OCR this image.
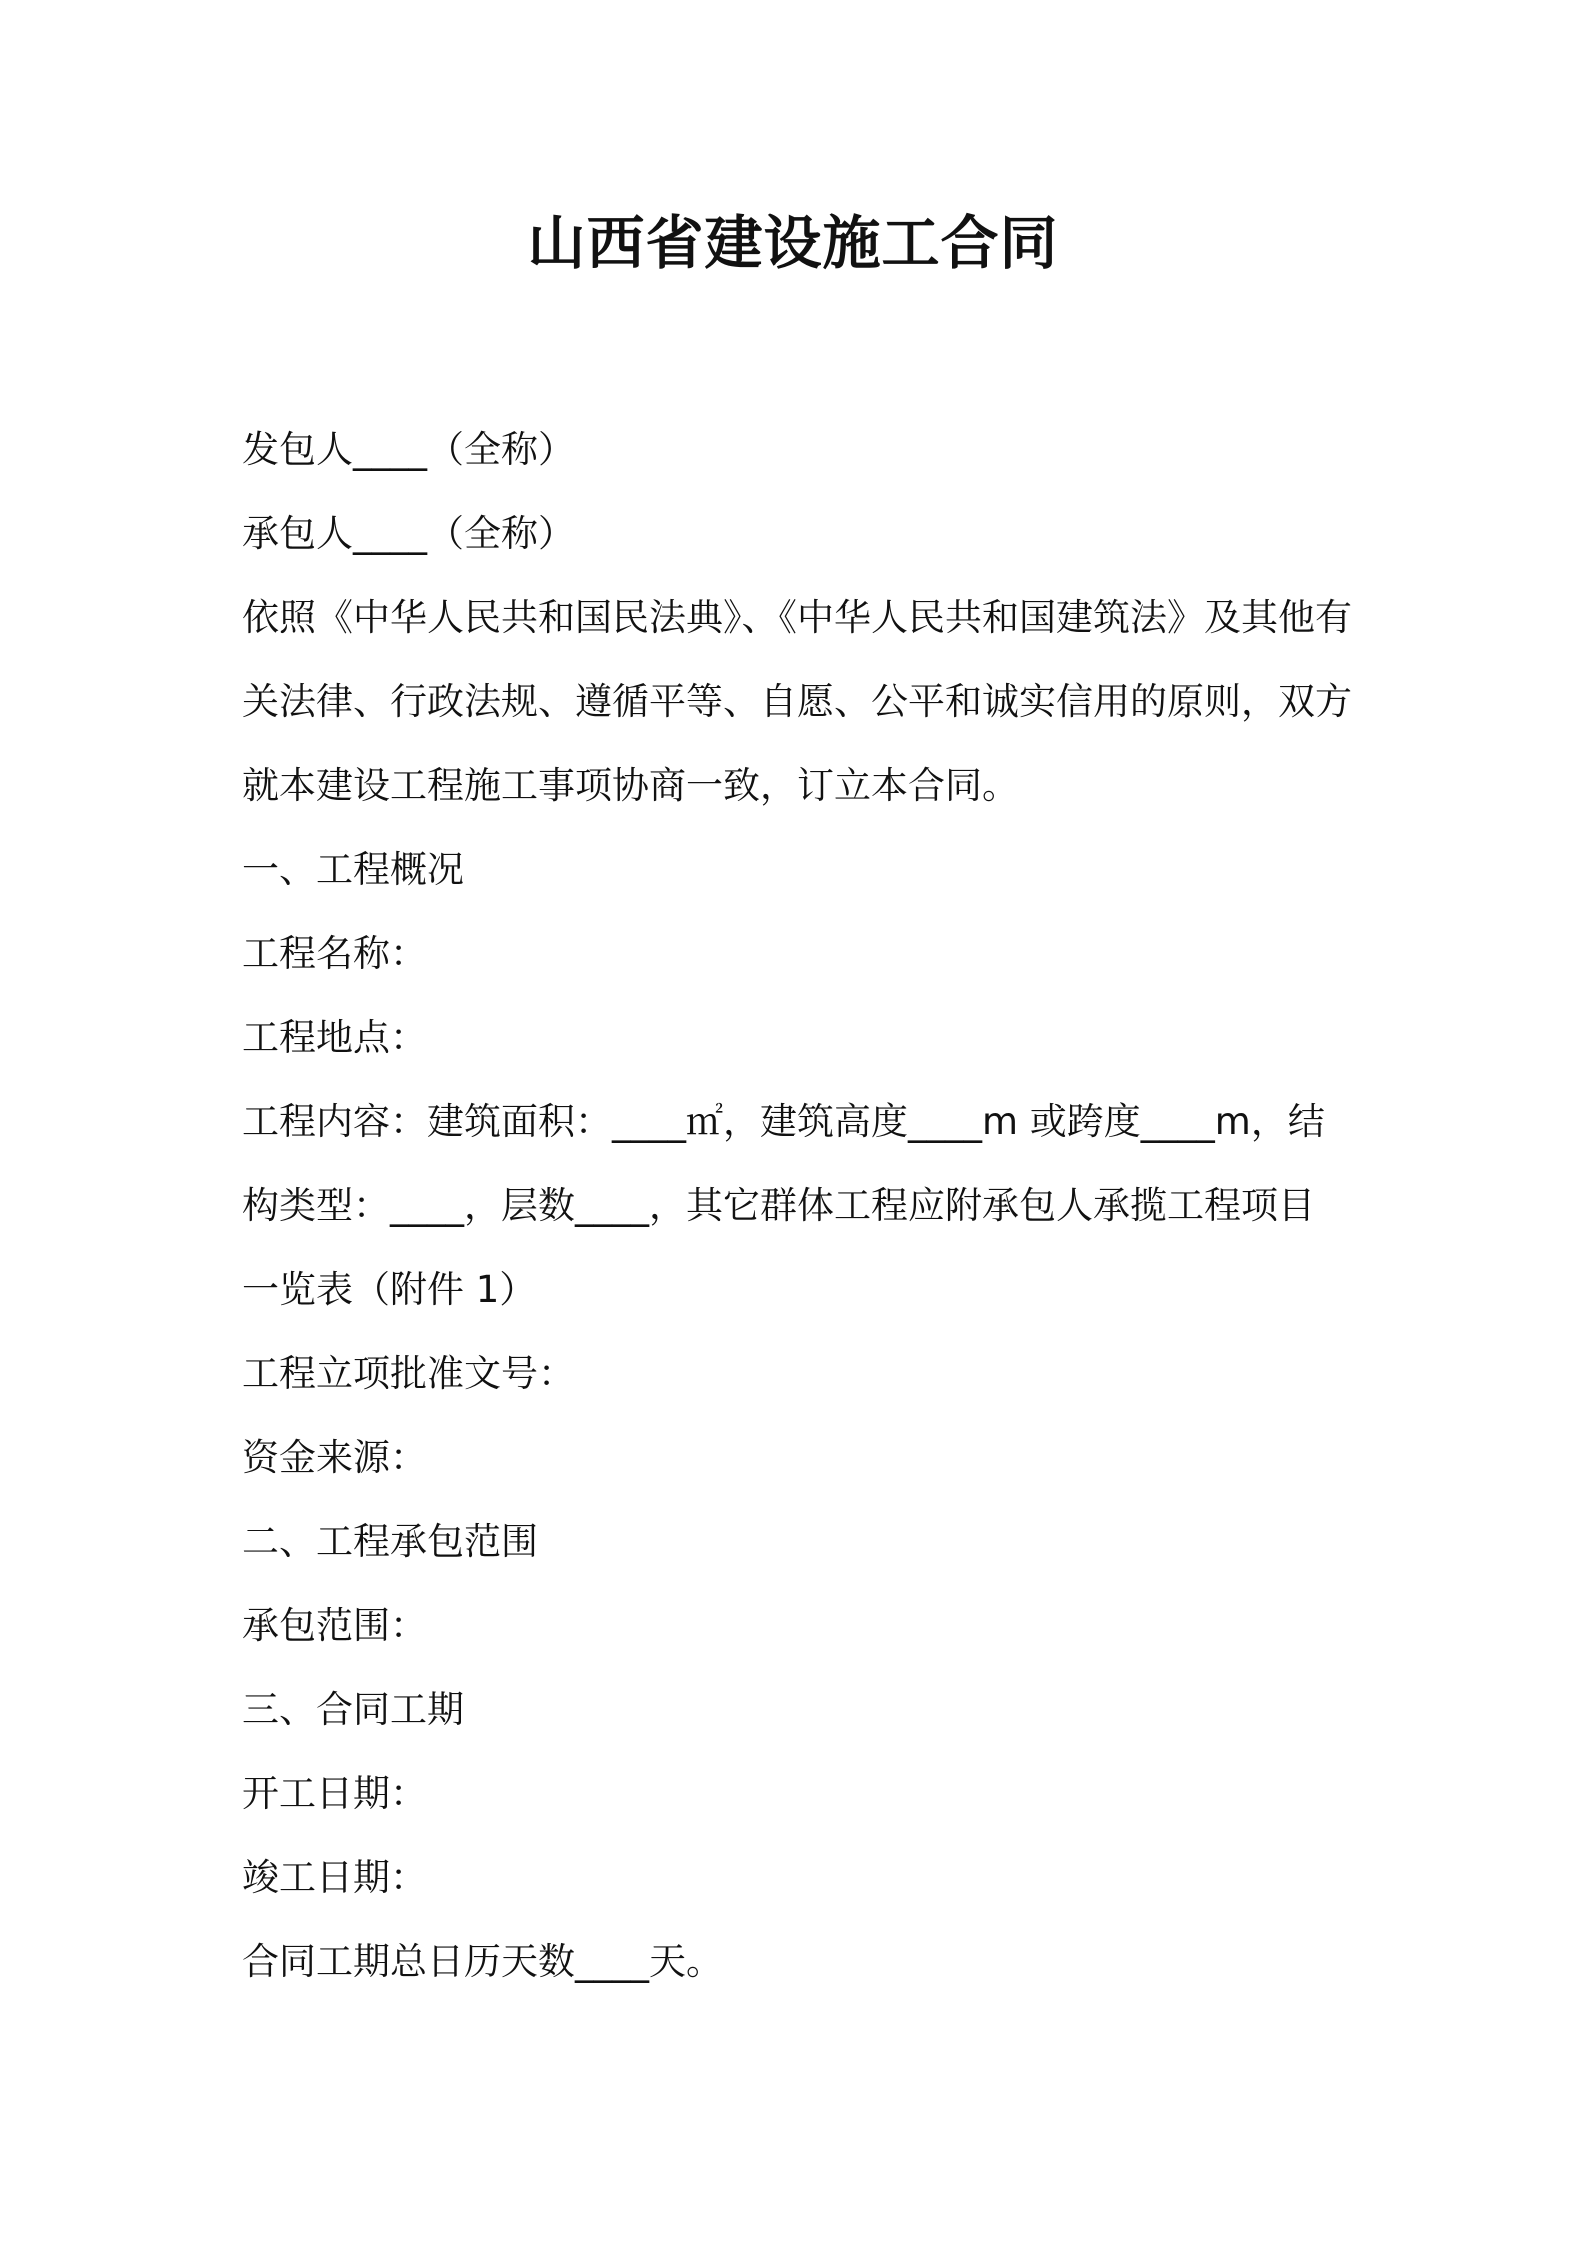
山西省建设施工合同

发包人____（全称）

承包人____（全称）

依照《中华人民共和国民法典》、《中华人民共和国建筑法》及其他有

关法律、行政法规、遵循平等、自愿、公平和诚实信用的原则，双方

就本建设工程施工事项协商一致，订立本合同。

一、工程概况

工程名称：

工程地点：

工程内容：建筑面积：____㎡，建筑高度____m 或跨度____m，结

构类型：____，层数____，其它群体工程应附承包人承揽工程项目

一览表（附件 1）

工程立项批准文号：

资金来源：

二、工程承包范围

承包范围：

三、合同工期

开工日期：

竣工日期：

合同工期总日历天数____天。
